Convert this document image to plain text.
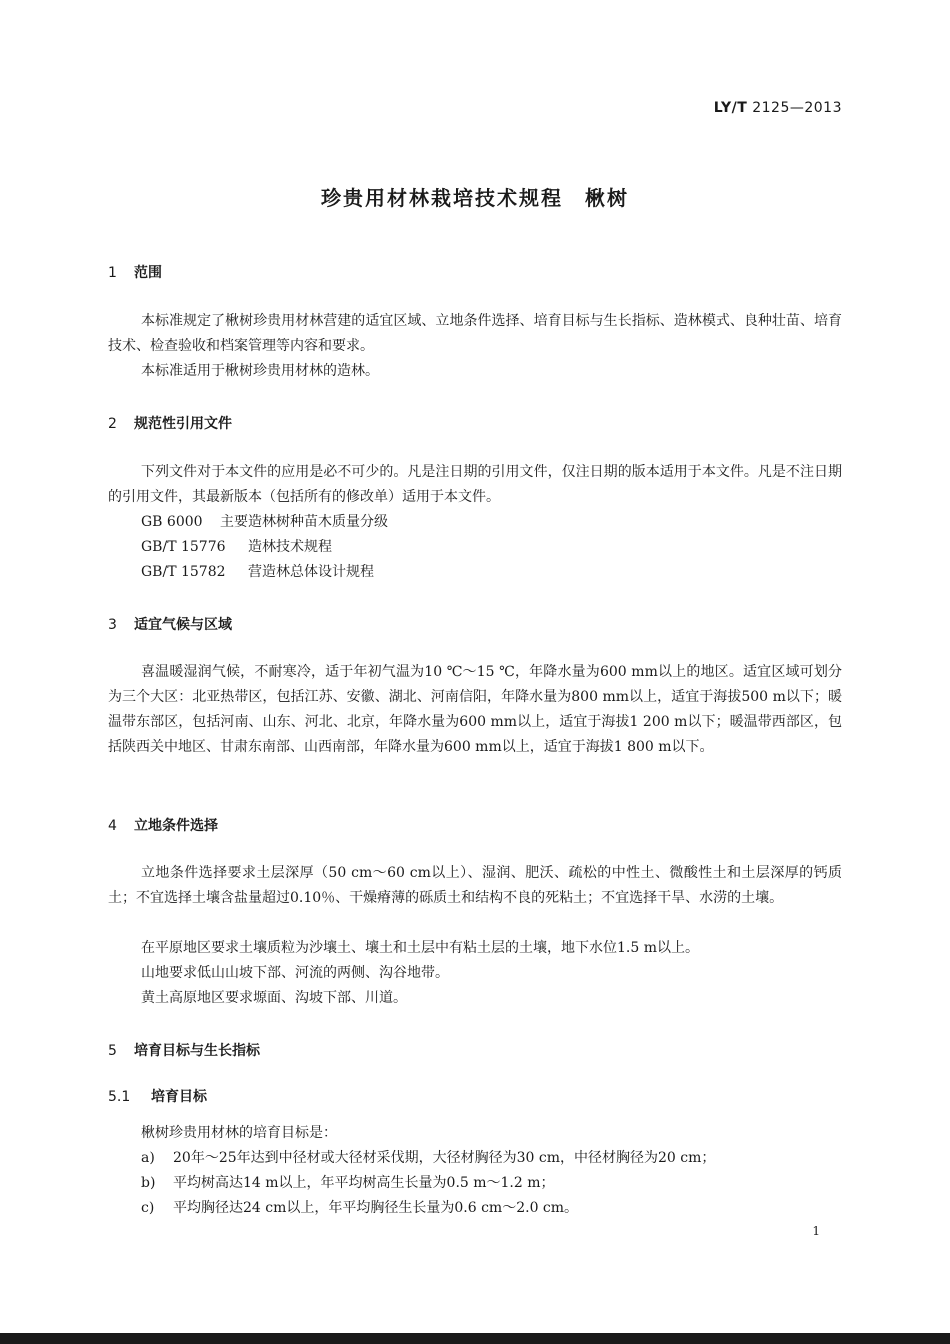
LY/T 2125—2013
珍贵用材林栽培技术规程　楸树
1 范围
本标准规定了楸树珍贵用材林营建的适宜区域、立地条件选择、培育目标与生长指标、造林模式、良种壮苗、培育技术、检查验收和档案管理等内容和要求。
本标准适用于楸树珍贵用材林的造林。
2 规范性引用文件
下列文件对于本文件的应用是必不可少的。凡是注日期的引用文件，仅注日期的版本适用于本文件。凡是不注日期的引用文件，其最新版本（包括所有的修改单）适用于本文件。
GB 6000 主要造林树种苗木质量分级
GB/T 15776 造林技术规程
GB/T 15782 营造林总体设计规程
3 适宜气候与区域
喜温暖湿润气候，不耐寒冷，适于年初气温为10 ℃～15 ℃，年降水量为600 mm以上的地区。适宜区域可划分为三个大区：北亚热带区，包括江苏、安徽、湖北、河南信阳，年降水量为800 mm以上，适宜于海拔500 m以下；暖温带东部区，包括河南、山东、河北、北京，年降水量为600 mm以上，适宜于海拔1 200 m以下；暖温带西部区，包括陕西关中地区、甘肃东南部、山西南部，年降水量为600 mm以上，适宜于海拔1 800 m以下。
4 立地条件选择
立地条件选择要求土层深厚（50 cm～60 cm以上）、湿润、肥沃、疏松的中性土、微酸性土和土层深厚的钙质土；不宜选择土壤含盐量超过0.10％、干燥瘠薄的砾质土和结构不良的死粘土；不宜选择干旱、水涝的土壤。
在平原地区要求土壤质粒为沙壤土、壤土和土层中有粘土层的土壤，地下水位1.5 m以上。
山地要求低山山坡下部、河流的两侧、沟谷地带。
黄土高原地区要求塬面、沟坡下部、川道。
5 培育目标与生长指标
5.1 培育目标
楸树珍贵用材林的培育目标是：
a) 20年～25年达到中径材或大径材采伐期，大径材胸径为30 cm，中径材胸径为20 cm；
b) 平均树高达14 m以上，年平均树高生长量为0.5 m～1.2 m；
c) 平均胸径达24 cm以上，年平均胸径生长量为0.6 cm～2.0 cm。
1
